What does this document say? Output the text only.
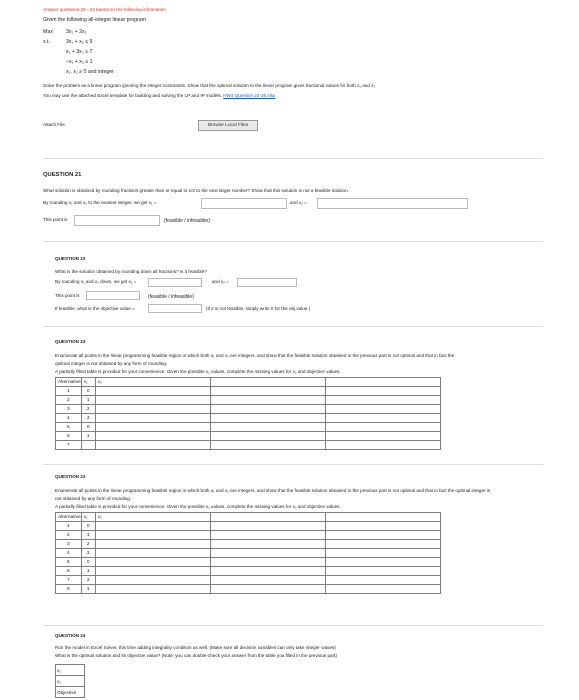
Answer questions 20 - 24 based on the following information
Given the following all-integer linear program
Max	3x₁ + 2x₂
s.t.	3x₁ + x₂ ≤ 9
x₁ + 3x₂ ≤ 7
−x₁ + x₂ ≤ 1
x₁, x₂ ≥ 0 and integer
Solve the problem as a linear program ignoring the integer constraints. Show that the optimal solution to the linear program gives fractional values for both x₁ and x₂
You may use the attached Excel template for building and solving the LP and IP models. HW3 Question 22-26.xlsx
Attach File	Browse Local Files
QUESTION 21
What solution is obtained by rounding fractions greater than or equal to 1/2 to the next larger number? Show that this solution is not a feasible solution.
By rounding x₁ and x₂ to the nearest integer, we get x₁ =	and x₂ =
This point is	(feasible / infeasible)
QUESTION 22
What is the solution obtained by rounding down all fractions? Is it feasible?
By rounding x₁ and x₂ down, we get x₁ =	and x₂ =
This point is	(feasible / infeasible)
If feasible, what is the objective value =	(If it is not feasible, simply write 0 for the obj value.)
QUESTION 23
Enumerate all points in the linear programming feasible region in which both x₁ and x₂ are integers, and show that the feasible solution obtained in the previous part is not optimal and that in fact the
optimal integer is not obtained by any form of rounding.
A partially filled table is provided for your convenience. Given the possible x₁ values, complete the missing values for x₂ and objective values.
Alternative	x₁	x₂		
1	0			
2	1			
3	2			
4	3			
5	0			
6	1			
7				
QUESTION 23
Enumerate all points in the linear programming feasible region in which both x₁ and x₂ are integers, and show that the feasible solution obtained in the previous part is not optimal and that in fact the optimal integer is
not obtained by any form of rounding.
A partially filled table is provided for your convenience. Given the possible x₁ values, complete the missing values for x₂ and objective values.
Alternative	x₁	x₂		
1	0			
2	1			
3	2			
4	3			
5	0			
6	1			
7	2			
8	1			
QUESTION 24
Run the model in Excel Solver, this time adding integrality condition as well. (Make sure all decision variables can only take integer values)
What is the optimal solution and its objective value? (Note: you can double-check your answer from the table you filled in the previous part)
x₁
x₂
Objective
